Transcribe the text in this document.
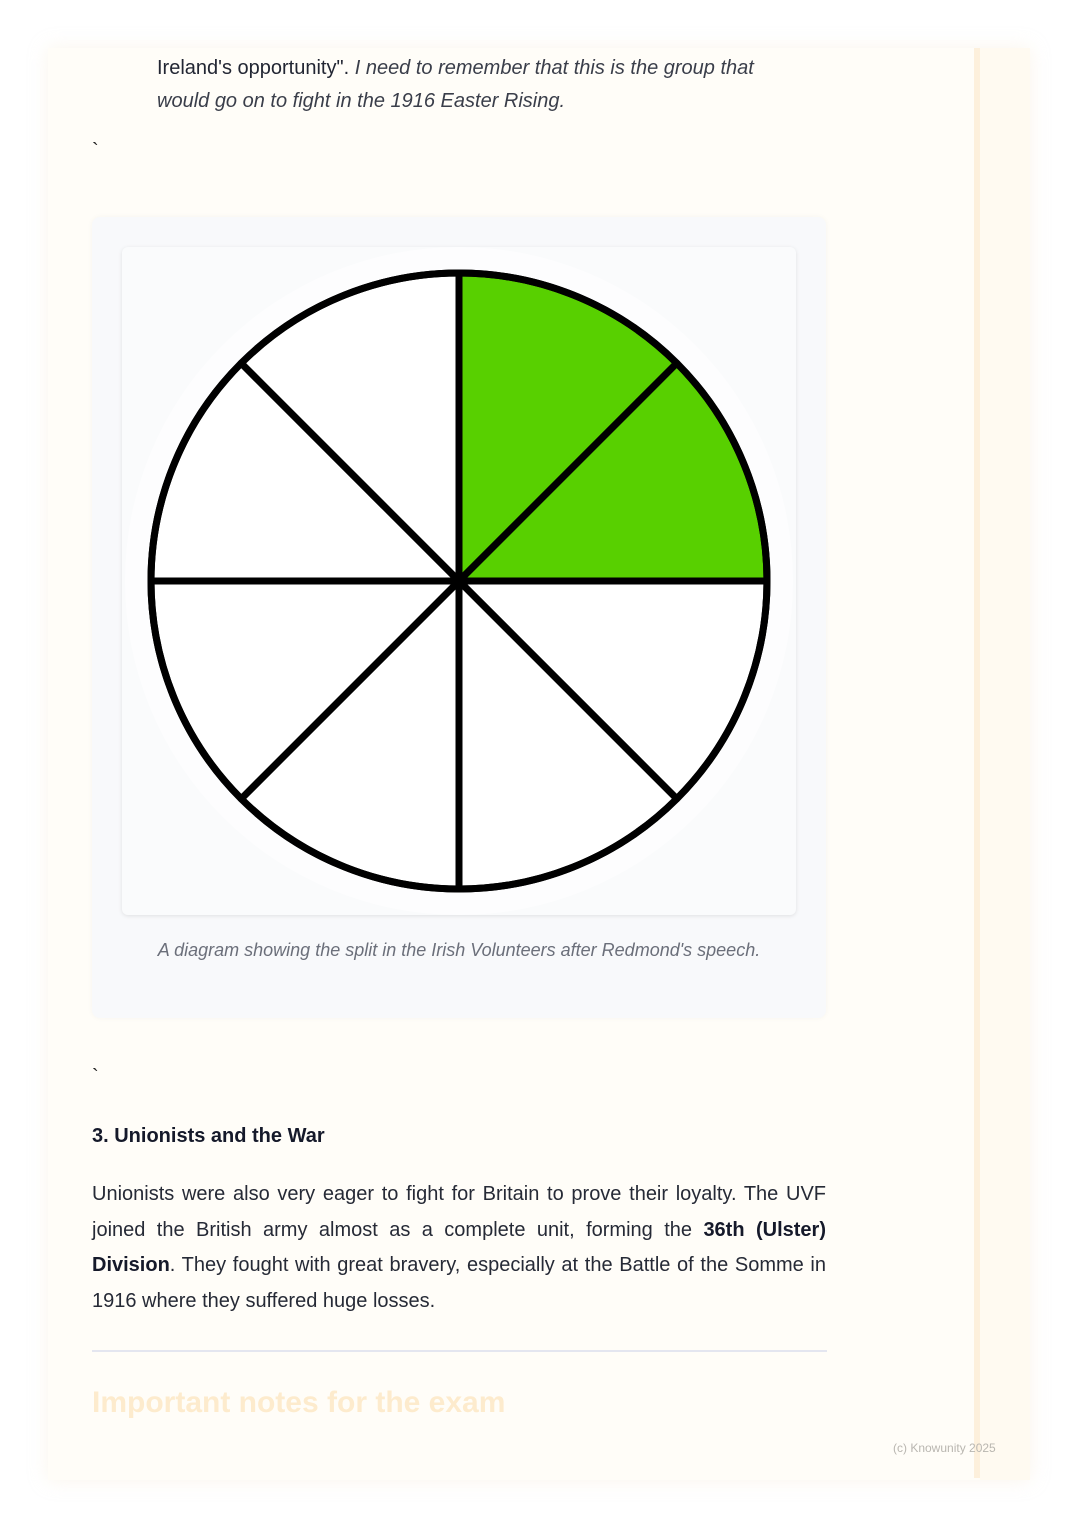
Ireland's opportunity". I need to remember that this is the group that
would go on to fight in the 1916 Easter Rising.
`
A diagram showing the split in the Irish Volunteers after Redmond's speech.
`
3. Unionists and the War
Unionists were also very eager to fight for Britain to prove their loyalty. The UVF joined the British army almost as a complete unit, forming the 36th (Ulster) Division. They fought with great bravery, especially at the Battle of the Somme in 1916 where they suffered huge losses.
Important notes for the exam
(c) Knowunity 2025
